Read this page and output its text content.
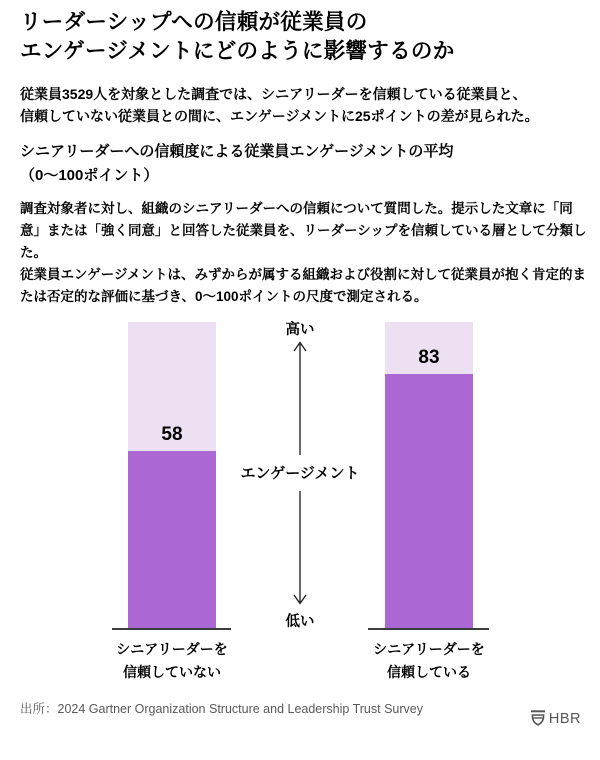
リーダーシップへの信頼が従業員の
エンゲージメントにどのように影響するのか

従業員3529人を対象とした調査では、シニアリーダーを信頼している従業員と、
信頼していない従業員との間に、エンゲージメントに25ポイントの差が見られた。

シニアリーダーへの信頼度による従業員エンゲージメントの平均
（0～100ポイント）

調査対象者に対し、組織のシニアリーダーへの信頼について質問した。提示した文章に「同意」または「強く同意」と回答した従業員を、リーダーシップを信頼している層として分類した。

従業員エンゲージメントは、みずからが属する組織および役割に対して従業員が抱く肯定的または否定的な評価に基づき、0～100ポイントの尺度で測定される。

58
シニアリーダーを
信頼していない
83
シニアリーダーを
信頼している
高い
エンゲージメント
低い
出所：2024 Gartner Organization Structure and Leadership Trust Survey
HBR
